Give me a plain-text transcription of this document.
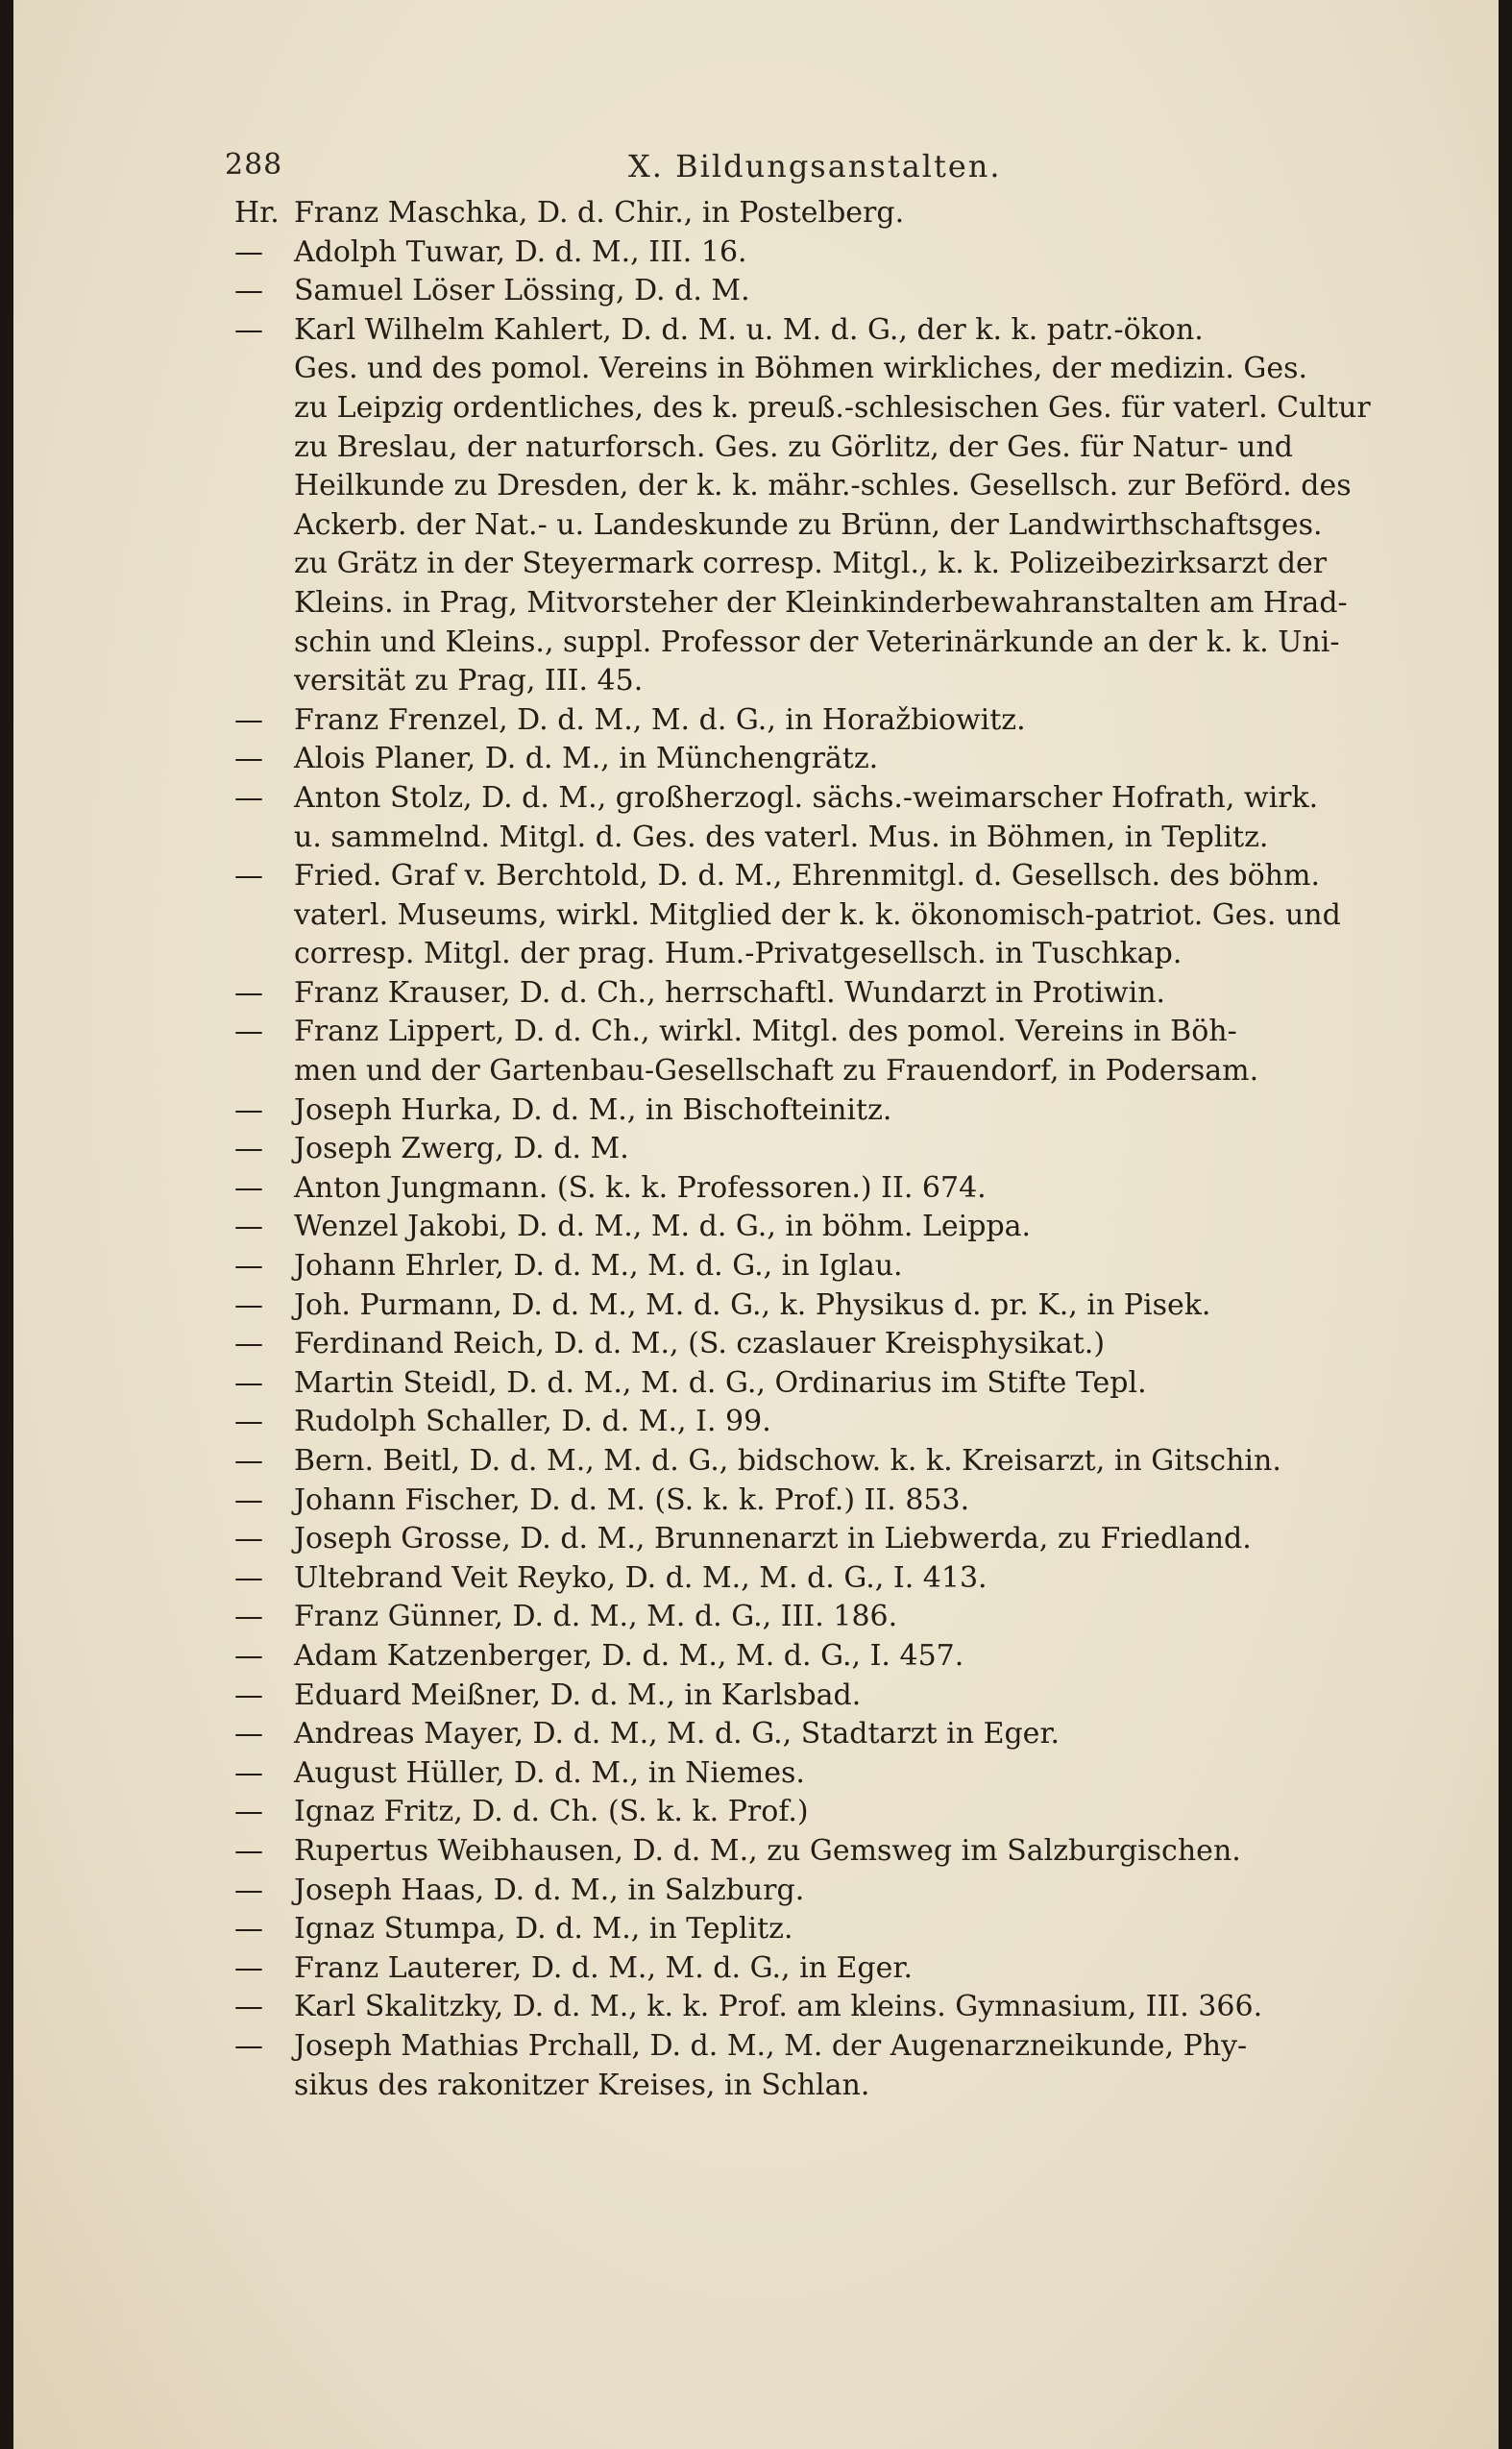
288	X. Bildungsanstalten.
Hr. Franz Maschka, D. d. Chir., in Postelberg.
— Adolph Tuwar, D. d. M., III. 16.
— Samuel Löser Lössing, D. d. M.
— Karl Wilhelm Kahlert, D. d. M. u. M. d. G., der k. k. patr.-ökon.
Ges. und des pomol. Vereins in Böhmen wirkliches, der medizin. Ges.
zu Leipzig ordentliches, des k. preuß.-schlesischen Ges. für vaterl. Cultur
zu Breslau, der naturforsch. Ges. zu Görlitz, der Ges. für Natur- und
Heilkunde zu Dresden, der k. k. mähr.-schles. Gesellsch. zur Beförd. des
Ackerb. der Nat.- u. Landeskunde zu Brünn, der Landwirthschaftsges.
zu Grätz in der Steyermark corresp. Mitgl., k. k. Polizeibezirksarzt der
Kleins. in Prag, Mitvorsteher der Kleinkinderbewahranstalten am Hrad-
schin und Kleins., suppl. Professor der Veterinärkunde an der k. k. Uni-
versität zu Prag, III. 45.
— Franz Frenzel, D. d. M., M. d. G., in Horažbiowitz.
— Alois Planer, D. d. M., in Münchengrätz.
— Anton Stolz, D. d. M., großherzogl. sächs.-weimarscher Hofrath, wirk.
u. sammelnd. Mitgl. d. Ges. des vaterl. Mus. in Böhmen, in Teplitz.
— Fried. Graf v. Berchtold, D. d. M., Ehrenmitgl. d. Gesellsch. des böhm.
vaterl. Museums, wirkl. Mitglied der k. k. ökonomisch-patriot. Ges. und
corresp. Mitgl. der prag. Hum.-Privatgesellsch. in Tuschkap.
— Franz Krauser, D. d. Ch., herrschaftl. Wundarzt in Protiwin.
— Franz Lippert, D. d. Ch., wirkl. Mitgl. des pomol. Vereins in Böh-
men und der Gartenbau-Gesellschaft zu Frauendorf, in Podersam.
— Joseph Hurka, D. d. M., in Bischofteinitz.
— Joseph Zwerg, D. d. M.
— Anton Jungmann. (S. k. k. Professoren.) II. 674.
— Wenzel Jakobi, D. d. M., M. d. G., in böhm. Leippa.
— Johann Ehrler, D. d. M., M. d. G., in Iglau.
— Joh. Purmann, D. d. M., M. d. G., k. Physikus d. pr. K., in Pisek.
— Ferdinand Reich, D. d. M., (S. czaslauer Kreisphysikat.)
— Martin Steidl, D. d. M., M. d. G., Ordinarius im Stifte Tepl.
— Rudolph Schaller, D. d. M., I. 99.
— Bern. Beitl, D. d. M., M. d. G., bidschow. k. k. Kreisarzt, in Gitschin.
— Johann Fischer, D. d. M. (S. k. k. Prof.) II. 853.
— Joseph Grosse, D. d. M., Brunnenarzt in Liebwerda, zu Friedland.
— Ultebrand Veit Reyko, D. d. M., M. d. G., I. 413.
— Franz Günner, D. d. M., M. d. G., III. 186.
— Adam Katzenberger, D. d. M., M. d. G., I. 457.
— Eduard Meißner, D. d. M., in Karlsbad.
— Andreas Mayer, D. d. M., M. d. G., Stadtarzt in Eger.
— August Hüller, D. d. M., in Niemes.
— Ignaz Fritz, D. d. Ch. (S. k. k. Prof.)
— Rupertus Weibhausen, D. d. M., zu Gemsweg im Salzburgischen.
— Joseph Haas, D. d. M., in Salzburg.
— Ignaz Stumpa, D. d. M., in Teplitz.
— Franz Lauterer, D. d. M., M. d. G., in Eger.
— Karl Skalitzky, D. d. M., k. k. Prof. am kleins. Gymnasium, III. 366.
— Joseph Mathias Prchall, D. d. M., M. der Augenarzneikunde, Phy-
sikus des rakonitzer Kreises, in Schlan.
